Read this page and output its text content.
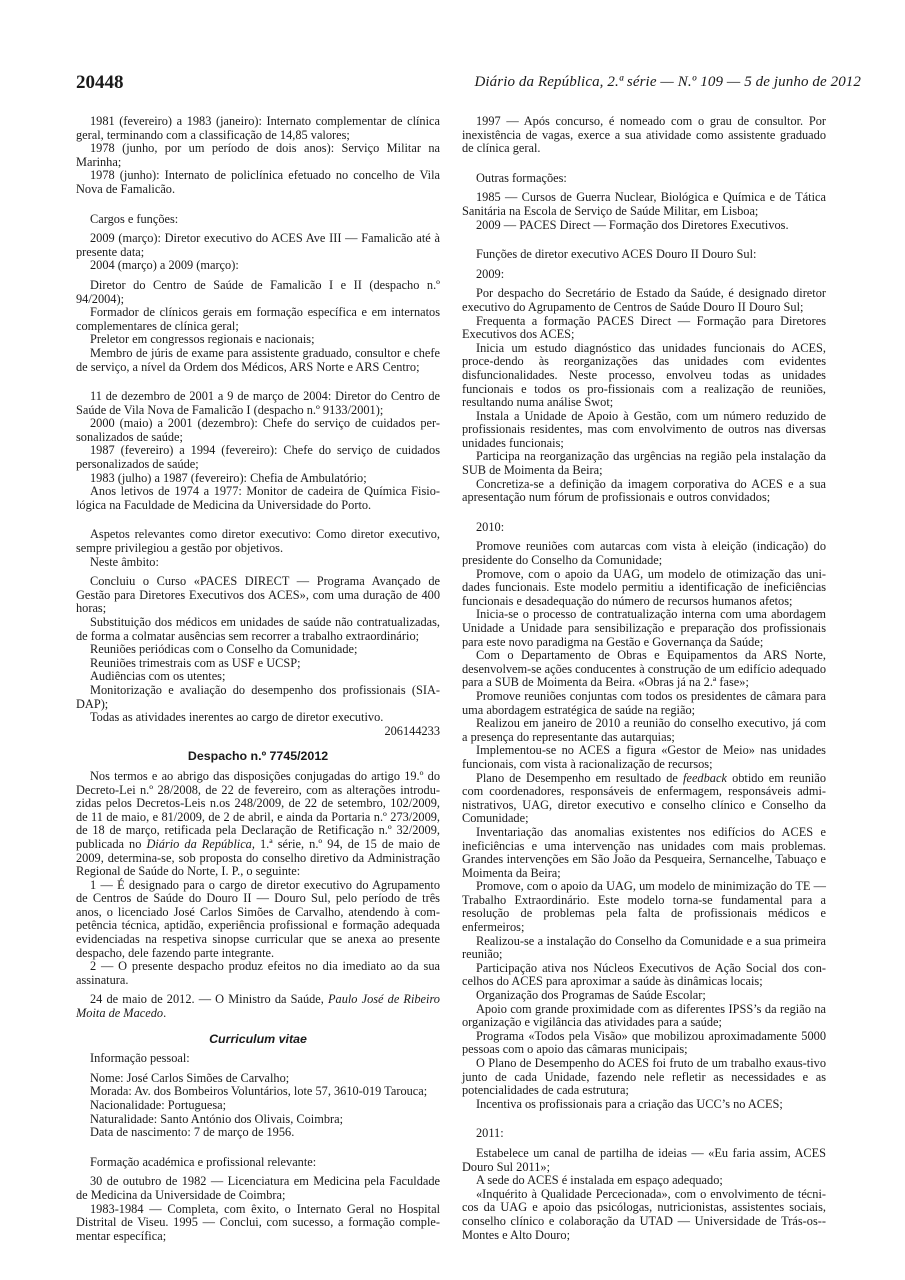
20448	Diário da República, 2.ª série — N.º 109 — 5 de junho de 2012

1981 (fevereiro) a 1983 (janeiro): Internato complementar de clínica geral, terminando com a classificação de 14,85 valores;

1978 (junho, por um período de dois anos): Serviço Militar na Marinha;

1978 (junho): Internato de policlínica efetuado no concelho de Vila Nova de Famalicão.

Cargos e funções:

2009 (março): Diretor executivo do ACES Ave III — Famalicão até à presente data;

2004 (março) a 2009 (março):

Diretor do Centro de Saúde de Famalicão I e II (despacho n.º 94/2004);

Formador de clínicos gerais em formação específica e em internatos complementares de clínica geral;

Preletor em congressos regionais e nacionais;

Membro de júris de exame para assistente graduado, consultor e chefe de serviço, a nível da Ordem dos Médicos, ARS Norte e ARS Centro;

11 de dezembro de 2001 a 9 de março de 2004: Diretor do Centro de Saúde de Vila Nova de Famalicão I (despacho n.º 9133/2001);

2000 (maio) a 2001 (dezembro): Chefe do serviço de cuidados per-sonalizados de saúde;

1987 (fevereiro) a 1994 (fevereiro): Chefe do serviço de cuidados personalizados de saúde;

1983 (julho) a 1987 (fevereiro): Chefia de Ambulatório;

Anos letivos de 1974 a 1977: Monitor de cadeira de Química Fisio-lógica na Faculdade de Medicina da Universidade do Porto.

Aspetos relevantes como diretor executivo: Como diretor executivo, sempre privilegiou a gestão por objetivos.

Neste âmbito:

Concluiu o Curso «PACES DIRECT — Programa Avançado de Gestão para Diretores Executivos dos ACES», com uma duração de 400 horas;

Substituição dos médicos em unidades de saúde não contratualizadas, de forma a colmatar ausências sem recorrer a trabalho extraordinário;

Reuniões periódicas com o Conselho da Comunidade;

Reuniões trimestrais com as USF e UCSP;

Audiências com os utentes;

Monitorização e avaliação do desempenho dos profissionais (SIA-DAP);

Todas as atividades inerentes ao cargo de diretor executivo.

206144233

Despacho n.º 7745/2012

Nos termos e ao abrigo das disposições conjugadas do artigo 19.º do Decreto-Lei n.º 28/2008, de 22 de fevereiro, com as alterações introdu-zidas pelos Decretos-Leis n.os 248/2009, de 22 de setembro, 102/2009, de 11 de maio, e 81/2009, de 2 de abril, e ainda da Portaria n.º 273/2009, de 18 de março, retificada pela Declaração de Retificação n.º 32/2009, publicada no Diário da República, 1.ª série, n.º 94, de 15 de maio de 2009, determina-se, sob proposta do conselho diretivo da Administração Regional de Saúde do Norte, I. P., o seguinte:

1 — É designado para o cargo de diretor executivo do Agrupamento de Centros de Saúde do Douro II — Douro Sul, pelo período de três anos, o licenciado José Carlos Simões de Carvalho, atendendo à com-petência técnica, aptidão, experiência profissional e formação adequada evidenciadas na respetiva sinopse curricular que se anexa ao presente despacho, dele fazendo parte integrante.

2 — O presente despacho produz efeitos no dia imediato ao da sua assinatura.

24 de maio de 2012. — O Ministro da Saúde, Paulo José de Ribeiro Moita de Macedo.

Curriculum vitae

Informação pessoal:

Nome: José Carlos Simões de Carvalho;

Morada: Av. dos Bombeiros Voluntários, lote 57, 3610-019 Tarouca;

Nacionalidade: Portuguesa;

Naturalidade: Santo António dos Olivais, Coimbra;

Data de nascimento: 7 de março de 1956.

Formação académica e profissional relevante:

30 de outubro de 1982 — Licenciatura em Medicina pela Faculdade de Medicina da Universidade de Coimbra;

1983-1984 — Completa, com êxito, o Internato Geral no Hospital Distrital de Viseu. 1995 — Conclui, com sucesso, a formação comple-mentar específica;

1997 — Após concurso, é nomeado com o grau de consultor. Por inexistência de vagas, exerce a sua atividade como assistente graduado de clínica geral.

Outras formações:

1985 — Cursos de Guerra Nuclear, Biológica e Química e de Tática Sanitária na Escola de Serviço de Saúde Militar, em Lisboa;

2009 — PACES Direct — Formação dos Diretores Executivos.

Funções de diretor executivo ACES Douro II Douro Sul:

2009:

Por despacho do Secretário de Estado da Saúde, é designado diretor executivo do Agrupamento de Centros de Saúde Douro II Douro Sul;

Frequenta a formação PACES Direct — Formação para Diretores Executivos dos ACES;

Inicia um estudo diagnóstico das unidades funcionais do ACES, proce-dendo às reorganizações das unidades com evidentes disfuncionalidades. Neste processo, envolveu todas as unidades funcionais e todos os pro-fissionais com a realização de reuniões, resultando numa análise Swot;

Instala a Unidade de Apoio à Gestão, com um número reduzido de profissionais residentes, mas com envolvimento de outros nas diversas unidades funcionais;

Participa na reorganização das urgências na região pela instalação da SUB de Moimenta da Beira;

Concretiza-se a definição da imagem corporativa do ACES e a sua apresentação num fórum de profissionais e outros convidados;

2010:

Promove reuniões com autarcas com vista à eleição (indicação) do presidente do Conselho da Comunidade;

Promove, com o apoio da UAG, um modelo de otimização das uni-dades funcionais. Este modelo permitiu a identificação de ineficiências funcionais e desadequação do número de recursos humanos afetos;

Inicia-se o processo de contratualização interna com uma abordagem Unidade a Unidade para sensibilização e preparação dos profissionais para este novo paradigma na Gestão e Governança da Saúde;

Com o Departamento de Obras e Equipamentos da ARS Norte, desenvolvem-se ações conducentes à construção de um edifício adequado para a SUB de Moimenta da Beira. «Obras já na 2.ª fase»;

Promove reuniões conjuntas com todos os presidentes de câmara para uma abordagem estratégica de saúde na região;

Realizou em janeiro de 2010 a reunião do conselho executivo, já com a presença do representante das autarquias;

Implementou-se no ACES a figura «Gestor de Meio» nas unidades funcionais, com vista à racionalização de recursos;

Plano de Desempenho em resultado de feedback obtido em reunião com coordenadores, responsáveis de enfermagem, responsáveis admi-nistrativos, UAG, diretor executivo e conselho clínico e Conselho da Comunidade;

Inventariação das anomalias existentes nos edifícios do ACES e ineficiências e uma intervenção nas unidades com mais problemas. Grandes intervenções em São João da Pesqueira, Sernancelhe, Tabuaço e Moimenta da Beira;

Promove, com o apoio da UAG, um modelo de minimização do TE — Trabalho Extraordinário. Este modelo torna-se fundamental para a resolução de problemas pela falta de profissionais médicos e enfermeiros;

Realizou-se a instalação do Conselho da Comunidade e a sua primeira reunião;

Participação ativa nos Núcleos Executivos de Ação Social dos con-celhos do ACES para aproximar a saúde às dinâmicas locais;

Organização dos Programas de Saúde Escolar;

Apoio com grande proximidade com as diferentes IPSS’s da região na organização e vigilância das atividades para a saúde;

Programa «Todos pela Visão» que mobilizou aproximadamente 5000 pessoas com o apoio das câmaras municipais;

O Plano de Desempenho do ACES foi fruto de um trabalho exaus-tivo junto de cada Unidade, fazendo nele refletir as necessidades e as potencialidades de cada estrutura;

Incentiva os profissionais para a criação das UCC’s no ACES;

2011:

Estabelece um canal de partilha de ideias — «Eu faria assim, ACES Douro Sul 2011»;

A sede do ACES é instalada em espaço adequado;

«Inquérito à Qualidade Percecionada», com o envolvimento de técni-cos da UAG e apoio das psicólogas, nutricionistas, assistentes sociais, conselho clínico e colaboração da UTAD — Universidade de Trás-os--Montes e Alto Douro;
